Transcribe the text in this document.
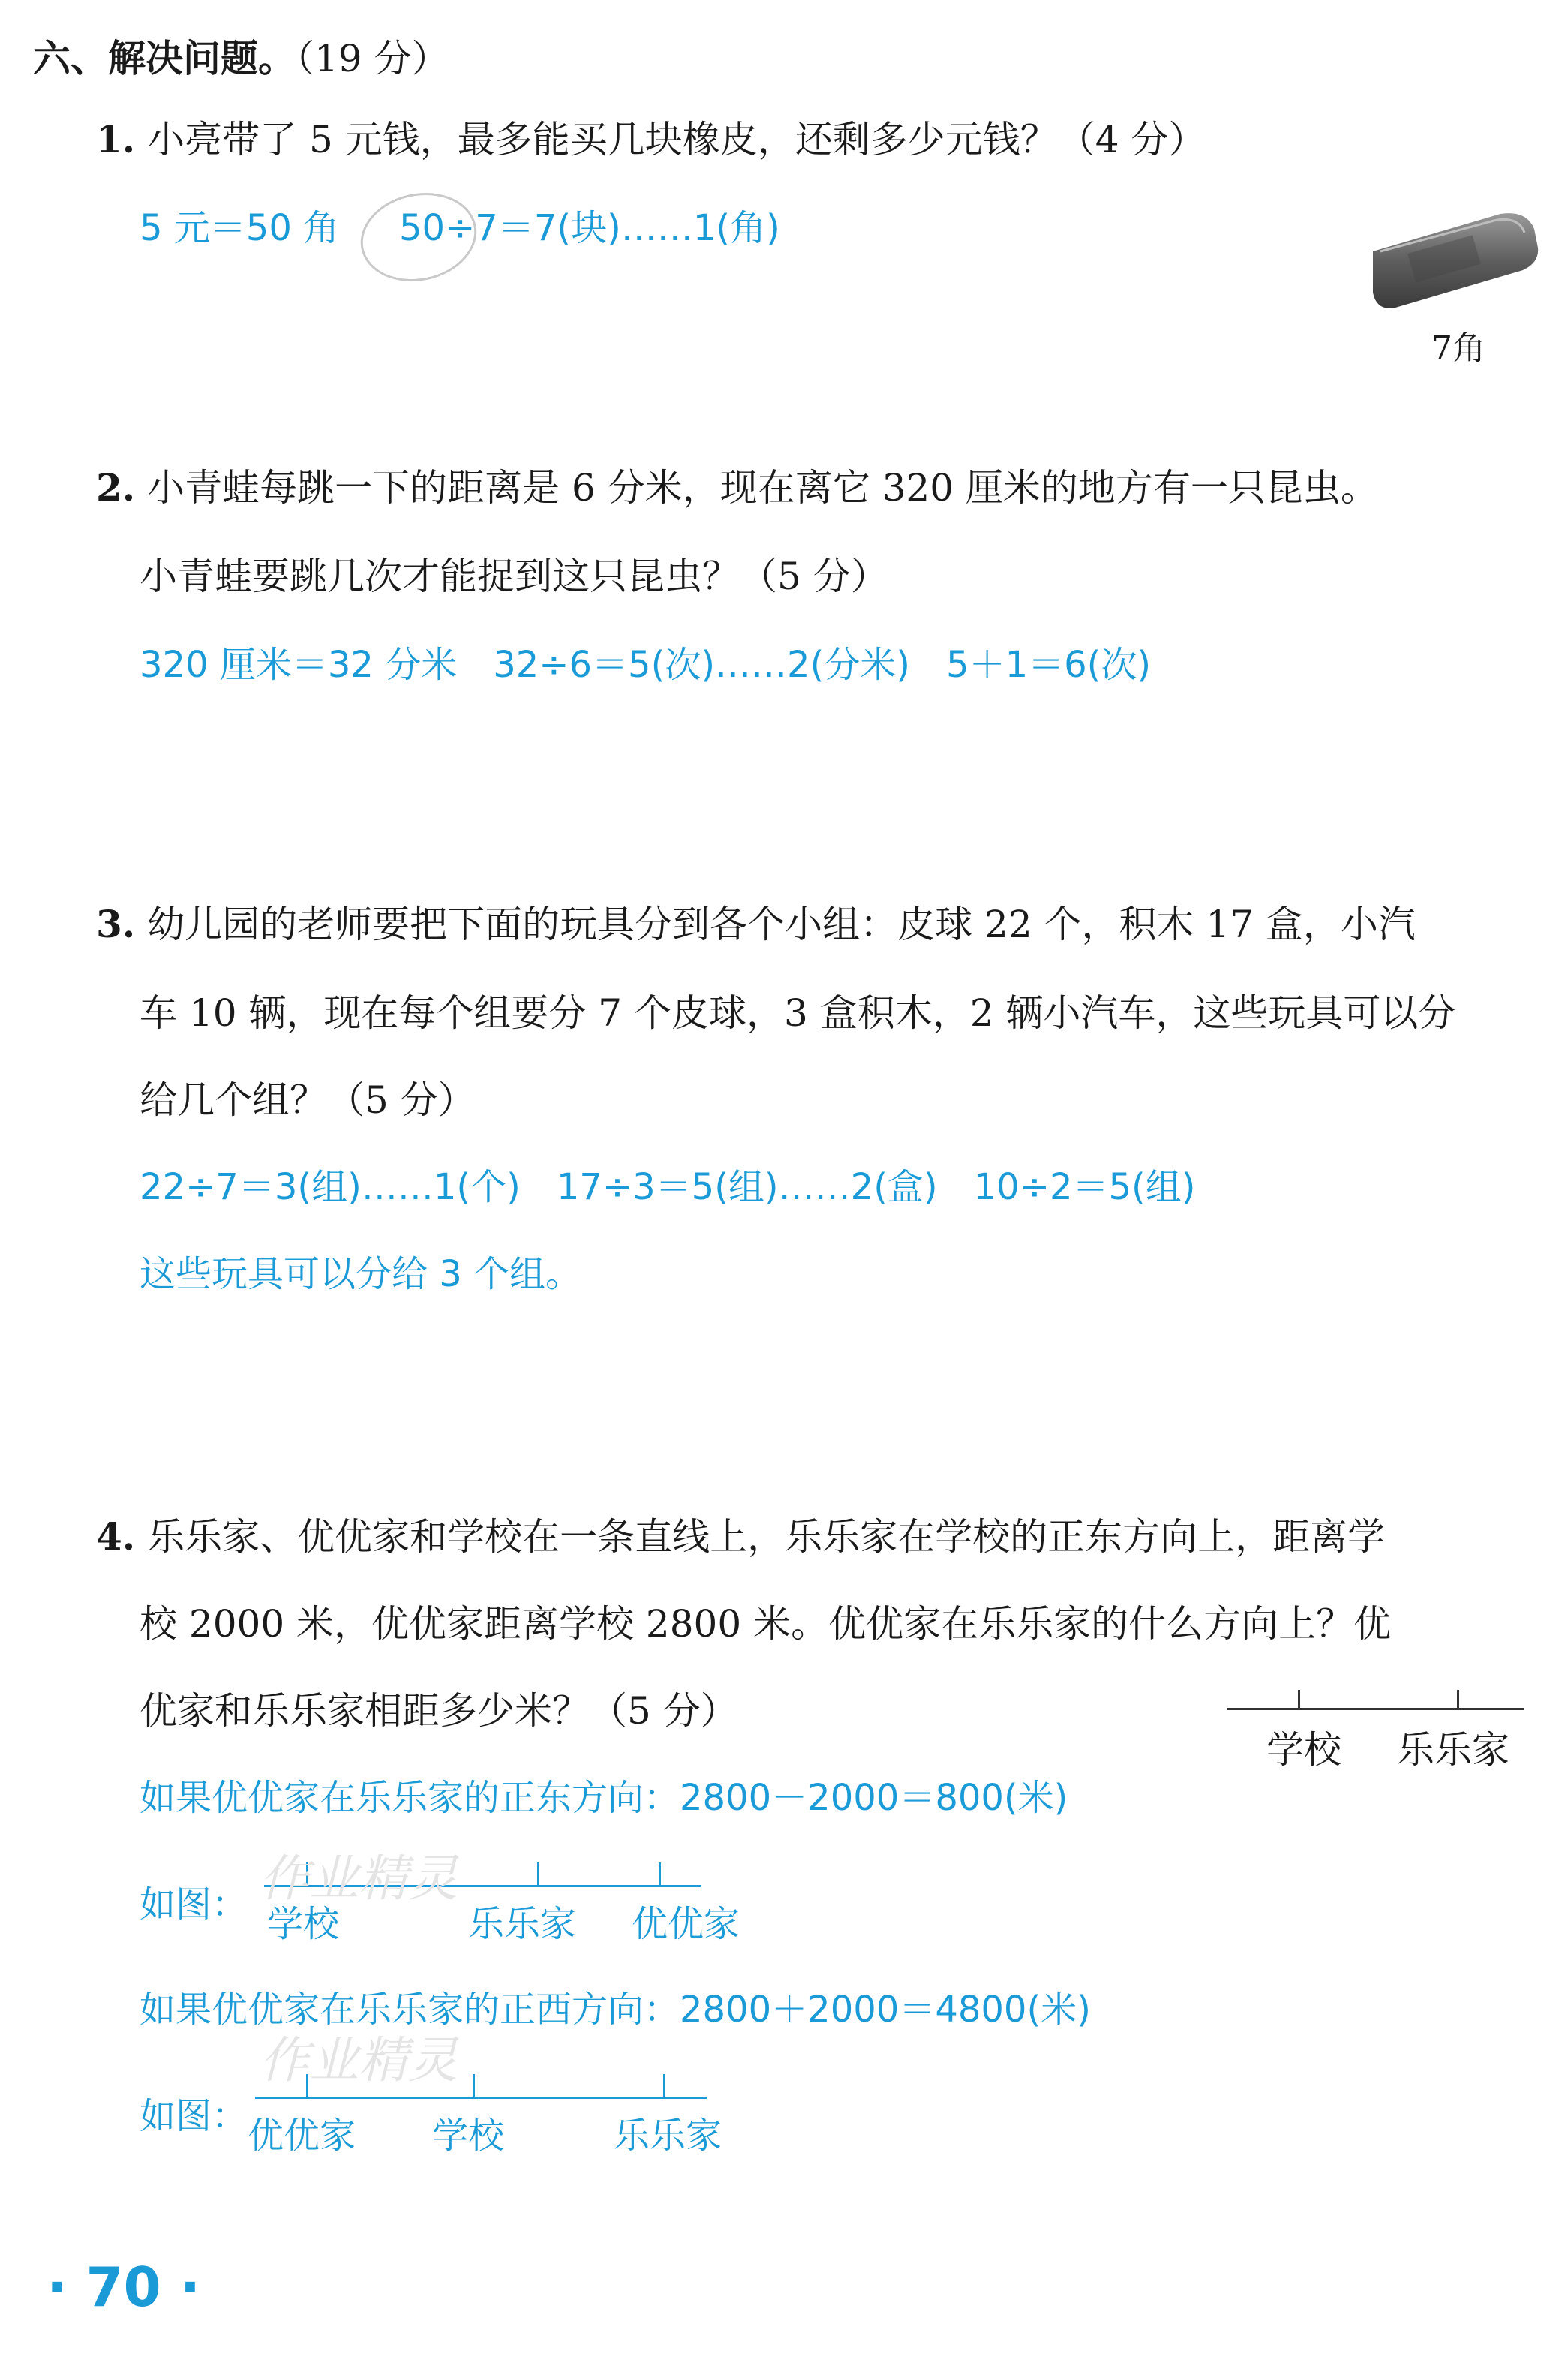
六、解决问题。（19 分）
1. 小亮带了 5 元钱，最多能买几块橡皮，还剩多少元钱？（4 分）
5 元＝50 角 50÷7＝7(块)……1(角)
7角
2. 小青蛙每跳一下的距离是 6 分米，现在离它 320 厘米的地方有一只昆虫。
小青蛙要跳几次才能捉到这只昆虫？（5 分）
320 厘米＝32 分米　32÷6＝5(次)……2(分米)　5＋1＝6(次)
3. 幼儿园的老师要把下面的玩具分到各个小组：皮球 22 个，积木 17 盒，小汽
车 10 辆，现在每个组要分 7 个皮球，3 盒积木，2 辆小汽车，这些玩具可以分
给几个组？（5 分）
22÷7＝3(组)……1(个)　17÷3＝5(组)……2(盒)　10÷2＝5(组)
这些玩具可以分给 3 个组。
4. 乐乐家、优优家和学校在一条直线上，乐乐家在学校的正东方向上，距离学
校 2000 米，优优家距离学校 2800 米。优优家在乐乐家的什么方向上？优
优家和乐乐家相距多少米？（5 分）
学校 乐乐家
如果优优家在乐乐家的正东方向：2800－2000＝800(米)
如图： 学校	乐乐家 优优家
如果优优家在乐乐家的正西方向：2800＋2000＝4800(米)
如图： 优优家 学校	乐乐家
作业精灵
作业精灵
· 70 ·
